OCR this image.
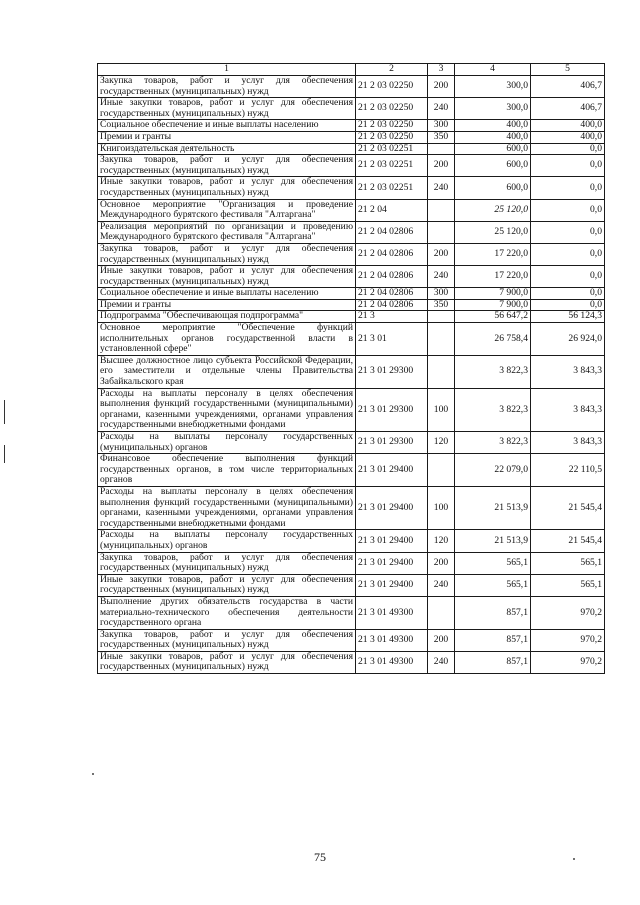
1	2	3	4	5
Закупка товаров, работ и услуг для обеспечения государственных (муниципальных) нужд	21 2 03 02250	200	300,0	406,7
Иные закупки товаров, работ и услуг для обеспечения государственных (муниципальных) нужд	21 2 03 02250	240	300,0	406,7
Социальное обеспечение и иные выплаты населению	21 2 03 02250	300	400,0	400,0
Премии и гранты	21 2 03 02250	350	400,0	400,0
Книгоиздательская деятельность	21 2 03 02251		600,0	0,0
Закупка товаров, работ и услуг для обеспечения государственных (муниципальных) нужд	21 2 03 02251	200	600,0	0,0
Иные закупки товаров, работ и услуг для обеспечения государственных (муниципальных) нужд	21 2 03 02251	240	600,0	0,0
Основное мероприятие "Организация и проведение Международного бурятского фестиваля "Алтаргана"	21 2 04		25 120,0	0,0
Реализация мероприятий по организации и проведению Международного бурятского фестиваля "Алтаргана"	21 2 04 02806		25 120,0	0,0
Закупка товаров, работ и услуг для обеспечения государственных (муниципальных) нужд	21 2 04 02806	200	17 220,0	0,0
Иные закупки товаров, работ и услуг для обеспечения государственных (муниципальных) нужд	21 2 04 02806	240	17 220,0	0,0
Социальное обеспечение и иные выплаты населению	21 2 04 02806	300	7 900,0	0,0
Премии и гранты	21 2 04 02806	350	7 900,0	0,0
Подпрограмма "Обеспечивающая подпрограмма"	21 3		56 647,2	56 124,3
Основное мероприятие "Обеспечение функций исполнительных органов государственной власти в установленной сфере"	21 3 01		26 758,4	26 924,0
Высшее должностное лицо субъекта Российской Федерации, его заместители и отдельные члены Правительства Забайкальского края	21 3 01 29300		3 822,3	3 843,3
Расходы на выплаты персоналу в целях обеспечения выполнения функций государственными (муниципальными) органами, казенными учреждениями, органами управления государственными внебюджетными фондами	21 3 01 29300	100	3 822,3	3 843,3
Расходы на выплаты персоналу государственных (муниципальных) органов	21 3 01 29300	120	3 822,3	3 843,3
Финансовое обеспечение выполнения функций государственных органов, в том числе территориальных органов	21 3 01 29400		22 079,0	22 110,5
Расходы на выплаты персоналу в целях обеспечения выполнения функций государственными (муниципальными) органами, казенными учреждениями, органами управления государственными внебюджетными фондами	21 3 01 29400	100	21 513,9	21 545,4
Расходы на выплаты персоналу государственных (муниципальных) органов	21 3 01 29400	120	21 513,9	21 545,4
Закупка товаров, работ и услуг для обеспечения государственных (муниципальных) нужд	21 3 01 29400	200	565,1	565,1
Иные закупки товаров, работ и услуг для обеспечения государственных (муниципальных) нужд	21 3 01 29400	240	565,1	565,1
Выполнение других обязательств государства в части материально-технического обеспечения деятельности государственного органа	21 3 01 49300		857,1	970,2
Закупка товаров, работ и услуг для обеспечения государственных (муниципальных) нужд	21 3 01 49300	200	857,1	970,2
Иные закупки товаров, работ и услуг для обеспечения государственных (муниципальных) нужд	21 3 01 49300	240	857,1	970,2
75
